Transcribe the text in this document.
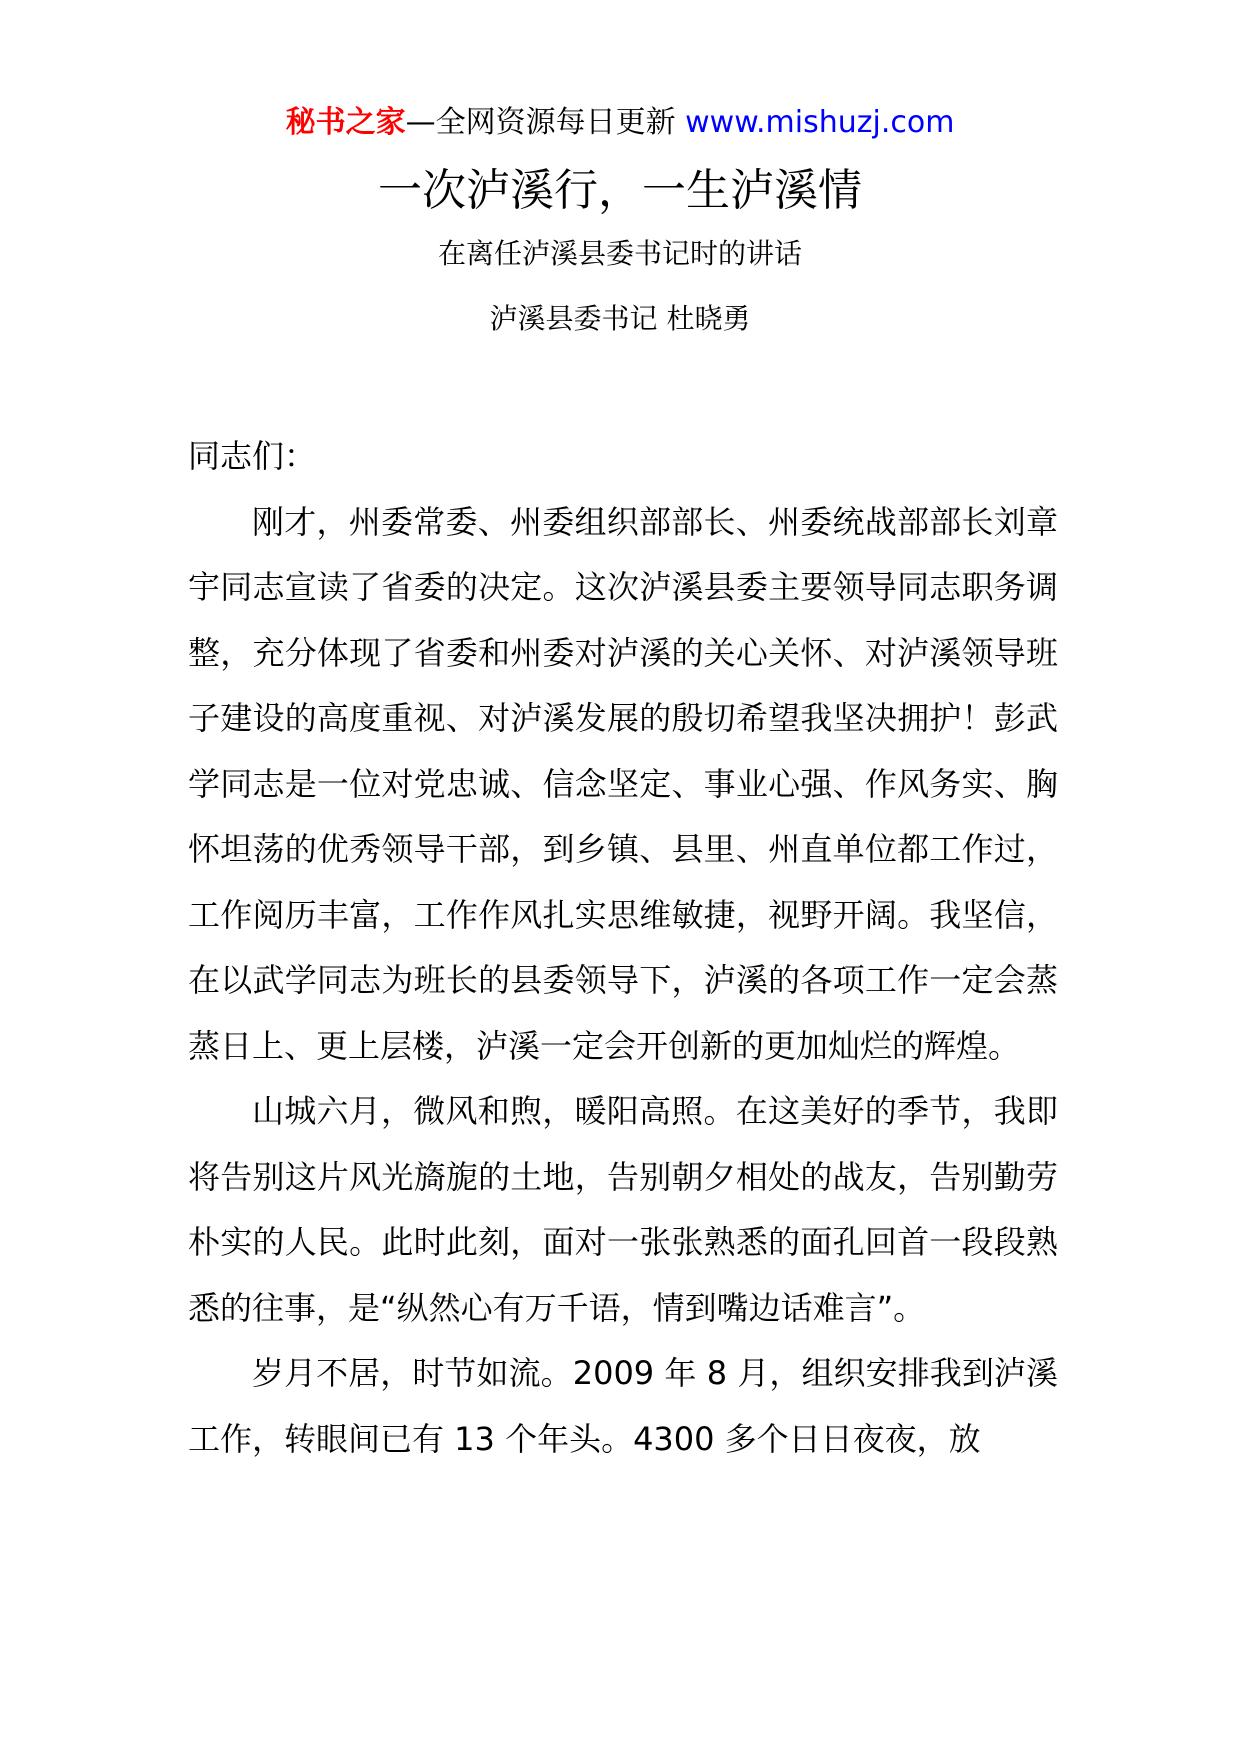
秘书之家—全网资源每日更新 www.mishuzj.com
一次泸溪行，一生泸溪情
在离任泸溪县委书记时的讲话
泸溪县委书记 杜晓勇

同志们：

刚才，州委常委、州委组织部部长、州委统战部部长刘章宇同志宣读了省委的决定。这次泸溪县委主要领导同志职务调整，充分体现了省委和州委对泸溪的关心关怀、对泸溪领导班子建设的高度重视、对泸溪发展的殷切希望我坚决拥护！彭武学同志是一位对党忠诚、信念坚定、事业心强、作风务实、胸怀坦荡的优秀领导干部，到乡镇、县里、州直单位都工作过，工作阅历丰富，工作作风扎实思维敏捷，视野开阔。我坚信，在以武学同志为班长的县委领导下，泸溪的各项工作一定会蒸蒸日上、更上层楼，泸溪一定会开创新的更加灿烂的辉煌。

山城六月，微风和煦，暖阳高照。在这美好的季节，我即将告别这片风光旖旎的土地，告别朝夕相处的战友，告别勤劳朴实的人民。此时此刻，面对一张张熟悉的面孔回首一段段熟悉的往事，是“纵然心有万千语，情到嘴边话难言”。

岁月不居，时节如流。2009 年 8 月，组织安排我到泸溪工作，转眼间已有 13 个年头。4300 多个日日夜夜，放
